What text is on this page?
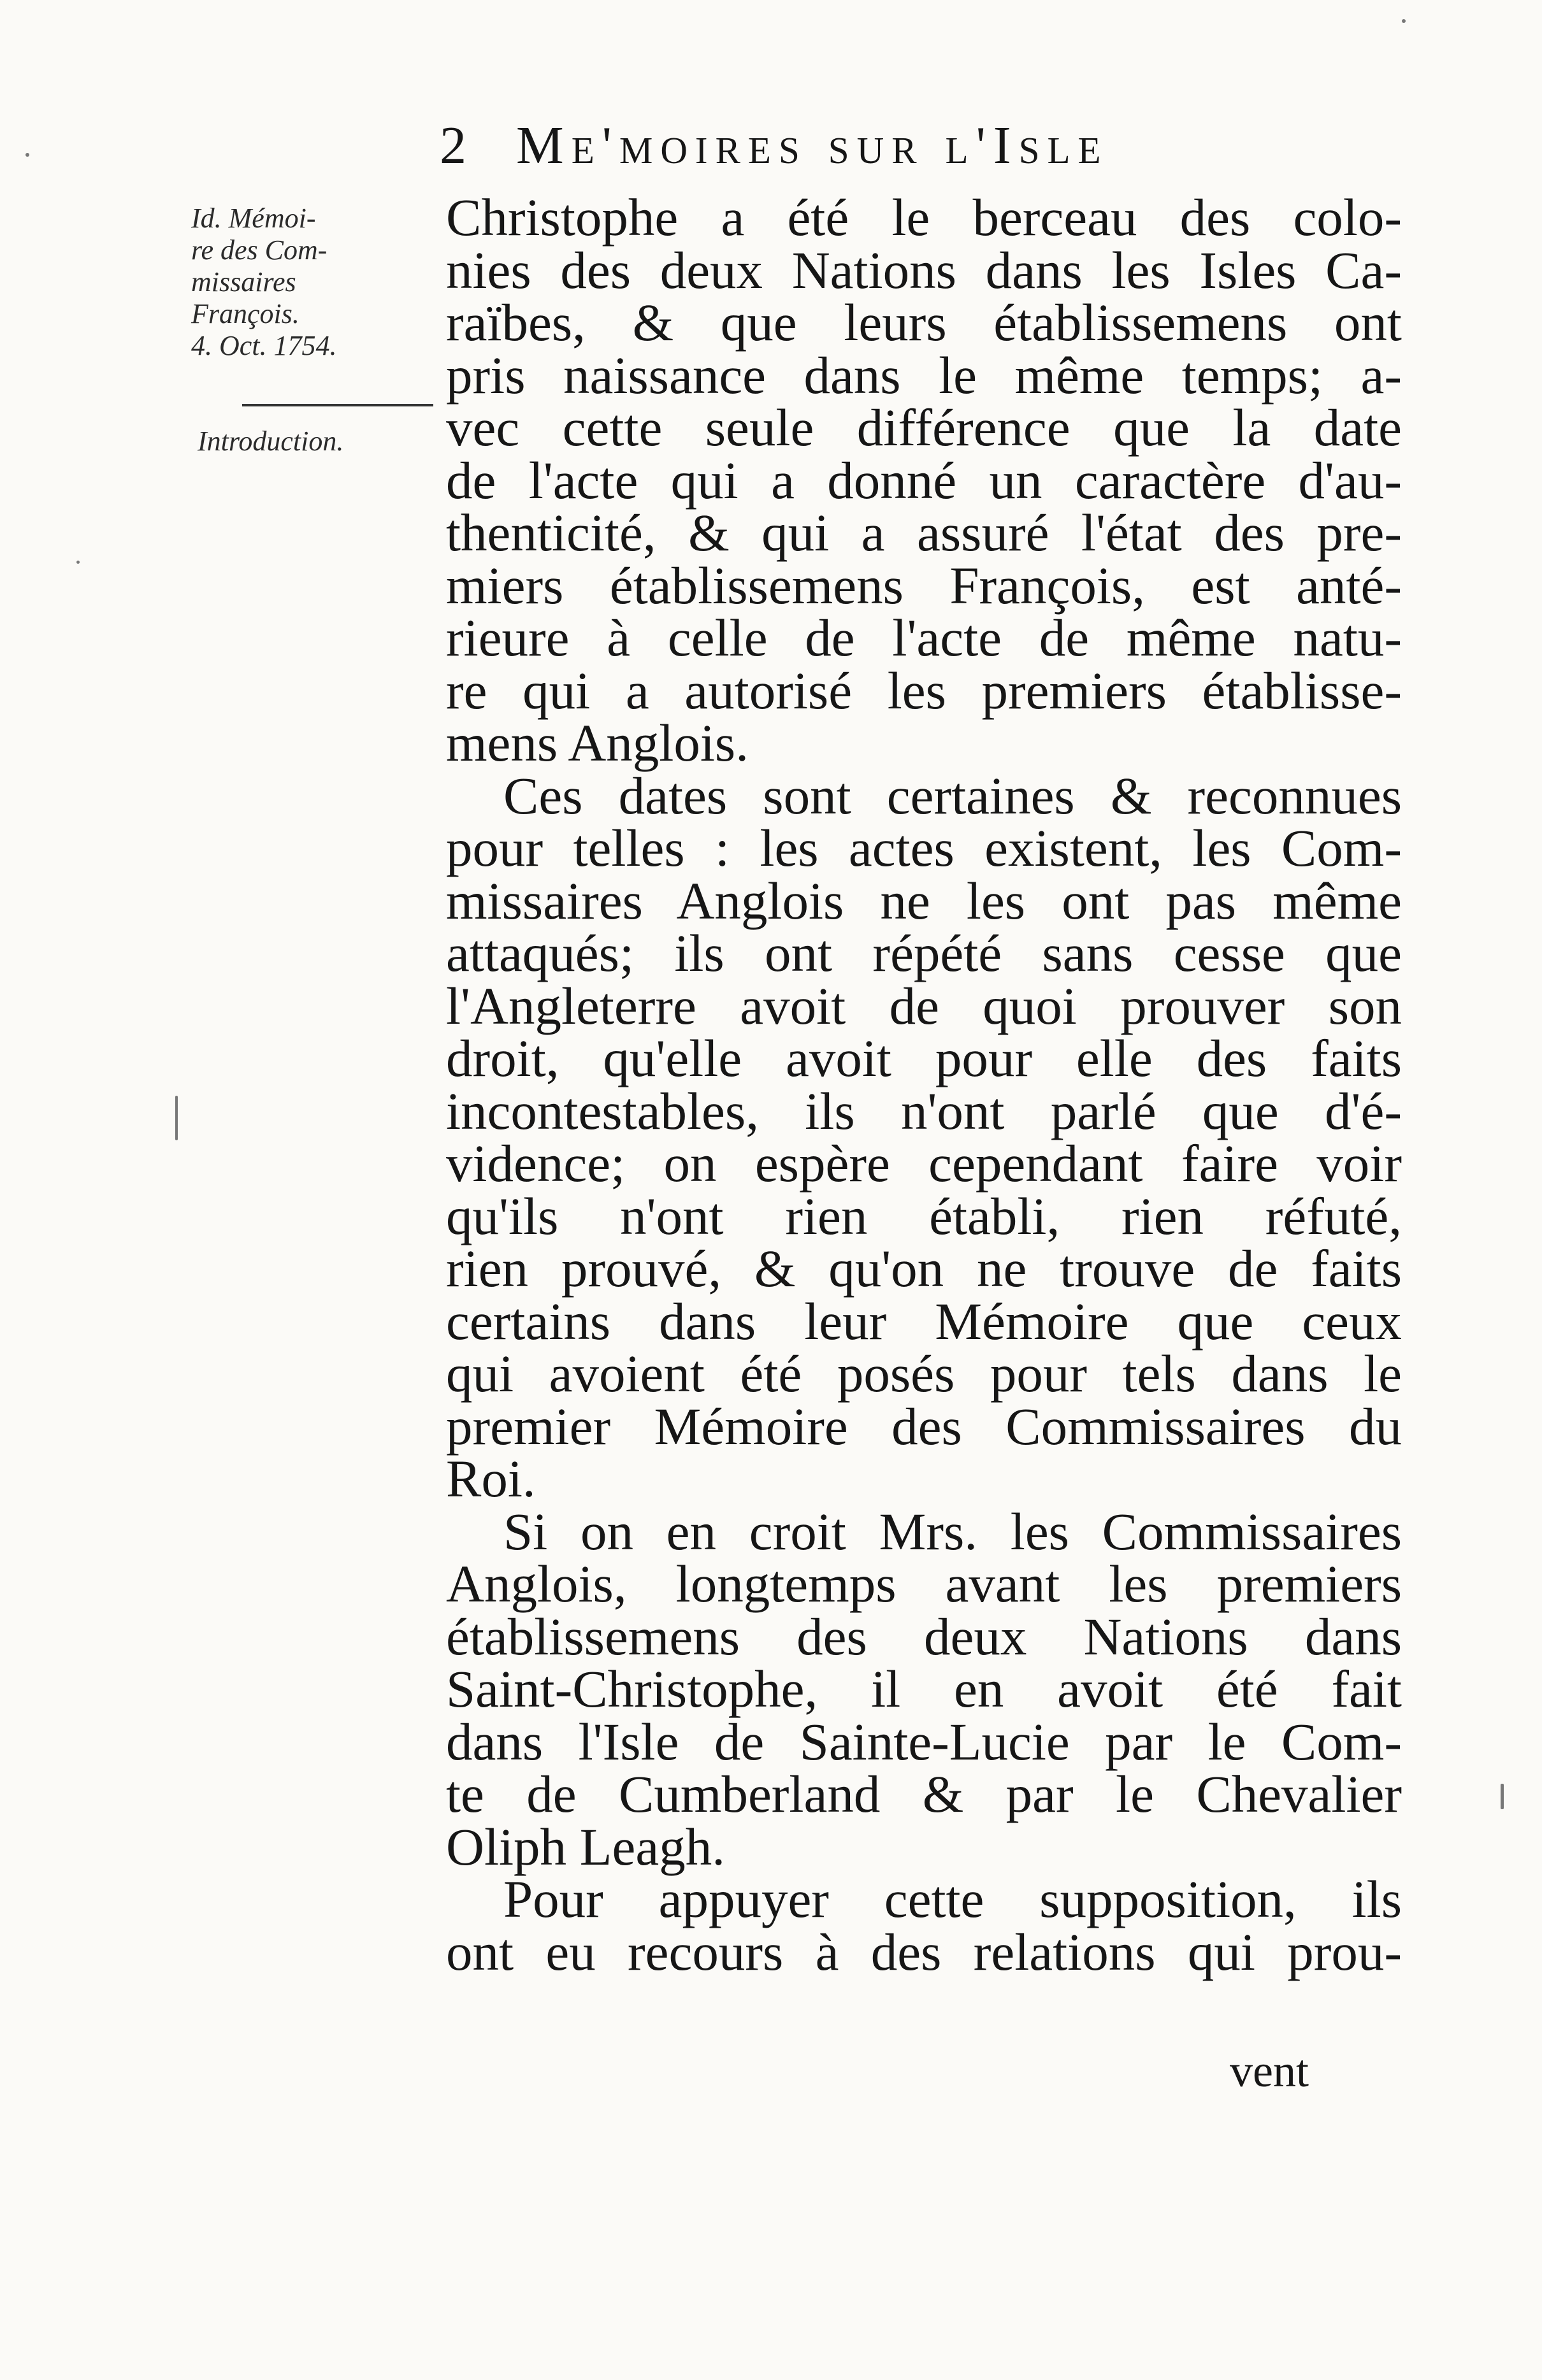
2 Me'moires sur l'Isle
Id. Mémoi-
re des Com-
missaires
François.
4. Oct. 1754.
Introduction.
Christophe a été le berceau des colo-
nies des deux Nations dans les Isles Ca-
raïbes, & que leurs établissemens ont
pris naissance dans le même temps; a-
vec cette seule différence que la date
de l'acte qui a donné un caractère d'au-
thenticité, & qui a assuré l'état des pre-
miers établissemens François, est anté-
rieure à celle de l'acte de même natu-
re qui a autorisé les premiers établisse-
mens Anglois.
Ces dates sont certaines & reconnues
pour telles : les actes existent, les Com-
missaires Anglois ne les ont pas même
attaqués; ils ont répété sans cesse que
l'Angleterre avoit de quoi prouver son
droit, qu'elle avoit pour elle des faits
incontestables, ils n'ont parlé que d'é-
vidence; on espère cependant faire voir
qu'ils n'ont rien établi, rien réfuté,
rien prouvé, & qu'on ne trouve de faits
certains dans leur Mémoire que ceux
qui avoient été posés pour tels dans le
premier Mémoire des Commissaires du
Roi.
Si on en croit Mrs. les Commissaires
Anglois, longtemps avant les premiers
établissemens des deux Nations dans
Saint-Christophe, il en avoit été fait
dans l'Isle de Sainte-Lucie par le Com-
te de Cumberland & par le Chevalier
Oliph Leagh.
Pour appuyer cette supposition, ils
ont eu recours à des relations qui prou-
vent
